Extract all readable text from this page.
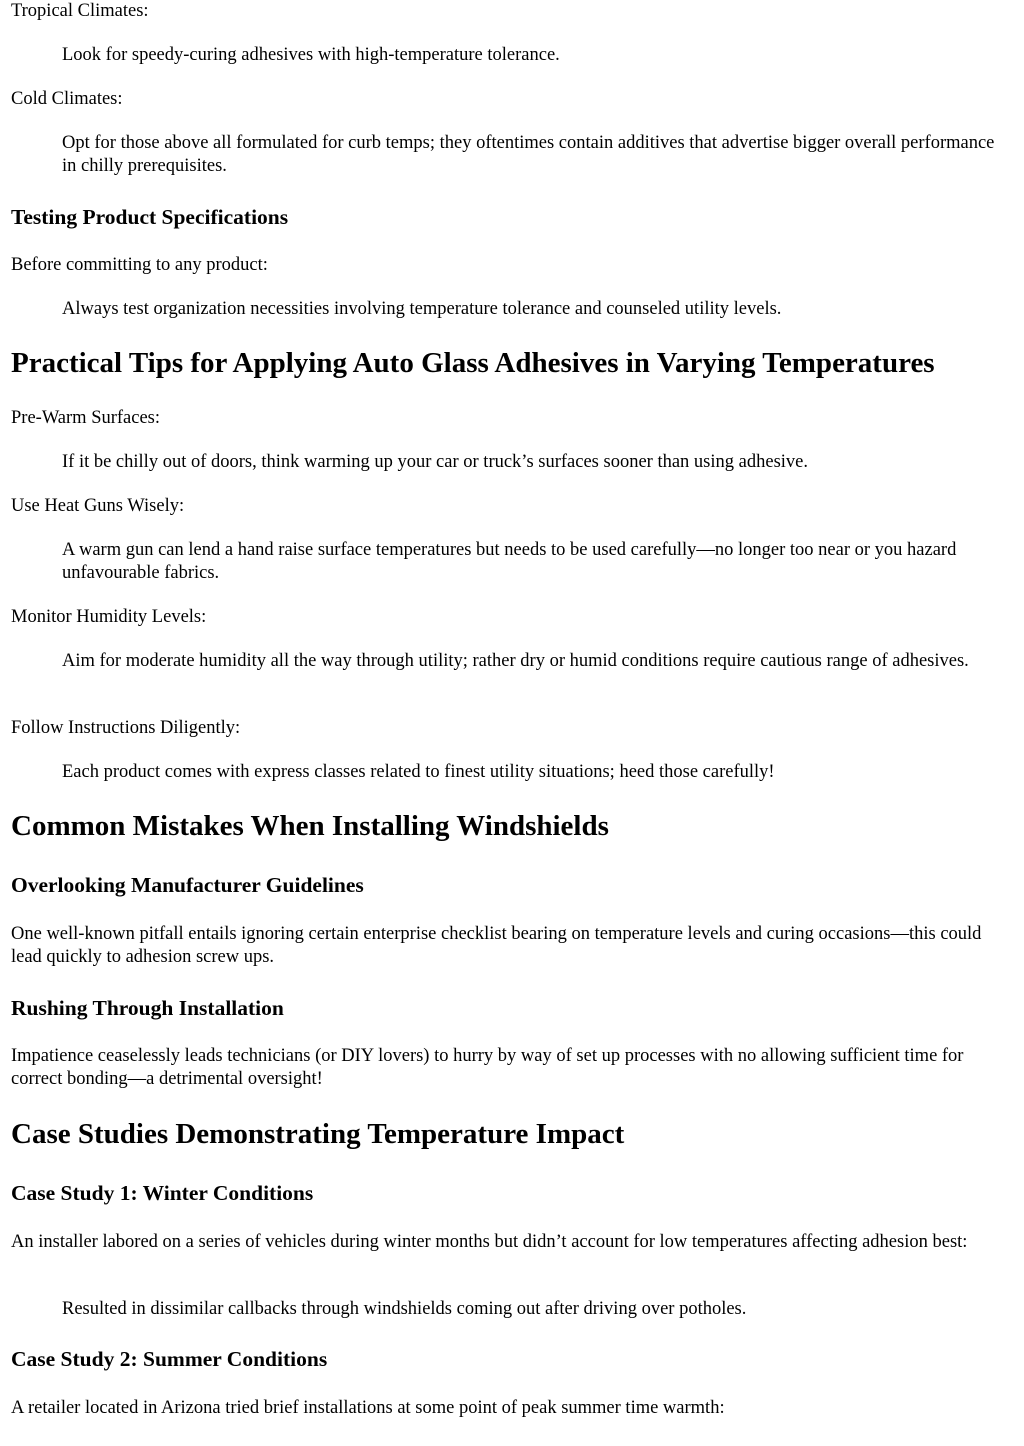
Tropical Climates:

Look for speedy-curing adhesives with high-temperature tolerance.

Cold Climates:

Opt for those above all formulated for curb temps; they oftentimes contain additives that advertise bigger overall performance in chilly prerequisites.

Testing Product Specifications

Before committing to any product:

Always test organization necessities involving temperature tolerance and counseled utility levels.

Practical Tips for Applying Auto Glass Adhesives in Varying Temperatures

Pre-Warm Surfaces:

If it be chilly out of doors, think warming up your car or truck’s surfaces sooner than using adhesive.

Use Heat Guns Wisely:

A warm gun can lend a hand raise surface temperatures but needs to be used carefully—no longer too near or you hazard unfavourable fabrics.

Monitor Humidity Levels:

Aim for moderate humidity all the way through utility; rather dry or humid conditions require cautious range of adhesives.

Follow Instructions Diligently:

Each product comes with express classes related to finest utility situations; heed those carefully!

Common Mistakes When Installing Windshields
Overlooking Manufacturer Guidelines

One well-known pitfall entails ignoring certain enterprise checklist bearing on temperature levels and curing occasions—this could lead quickly to adhesion screw ups.

Rushing Through Installation

Impatience ceaselessly leads technicians (or DIY lovers) to hurry by way of set up processes with no allowing sufficient time for correct bonding—a detrimental oversight!

Case Studies Demonstrating Temperature Impact
Case Study 1: Winter Conditions

An installer labored on a series of vehicles during winter months but didn’t account for low temperatures affecting adhesion best:

Resulted in dissimilar callbacks through windshields coming out after driving over potholes.

Case Study 2: Summer Conditions

A retailer located in Arizona tried brief installations at some point of peak summer time warmth:
